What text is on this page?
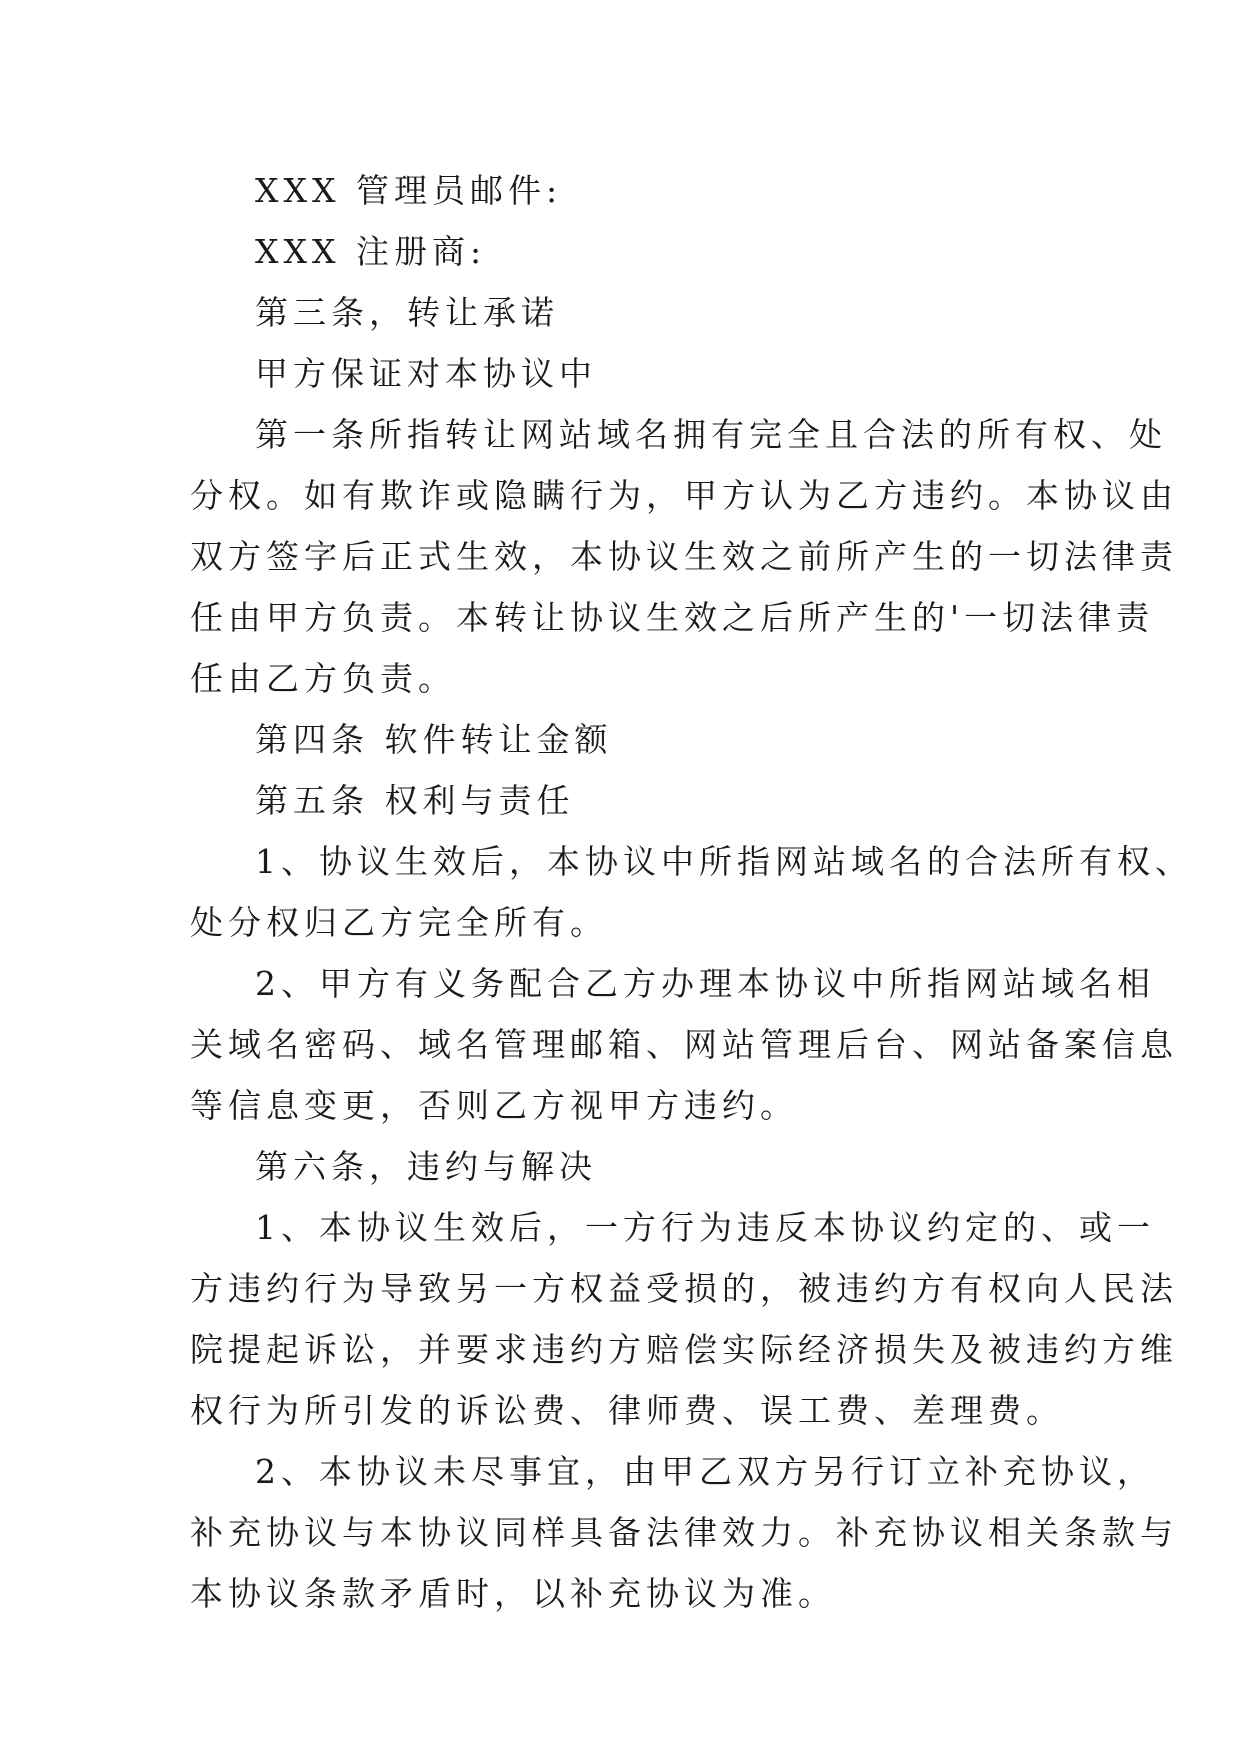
XXX 管理员邮件:
XXX 注册商:
第三条，转让承诺
甲方保证对本协议中
第一条所指转让网站域名拥有完全且合法的所有权、处
分权。如有欺诈或隐瞒行为，甲方认为乙方违约。本协议由
双方签字后正式生效，本协议生效之前所产生的一切法律责
任由甲方负责。本转让协议生效之后所产生的'一切法律责
任由乙方负责。
第四条 软件转让金额
第五条 权利与责任
1、协议生效后，本协议中所指网站域名的合法所有权、
处分权归乙方完全所有。
2、甲方有义务配合乙方办理本协议中所指网站域名相
关域名密码、域名管理邮箱、网站管理后台、网站备案信息
等信息变更，否则乙方视甲方违约。
第六条，违约与解决
1、本协议生效后，一方行为违反本协议约定的、或一
方违约行为导致另一方权益受损的，被违约方有权向人民法
院提起诉讼，并要求违约方赔偿实际经济损失及被违约方维
权行为所引发的诉讼费、律师费、误工费、差理费。
2、本协议未尽事宜，由甲乙双方另行订立补充协议，
补充协议与本协议同样具备法律效力。补充协议相关条款与
本协议条款矛盾时，以补充协议为准。
